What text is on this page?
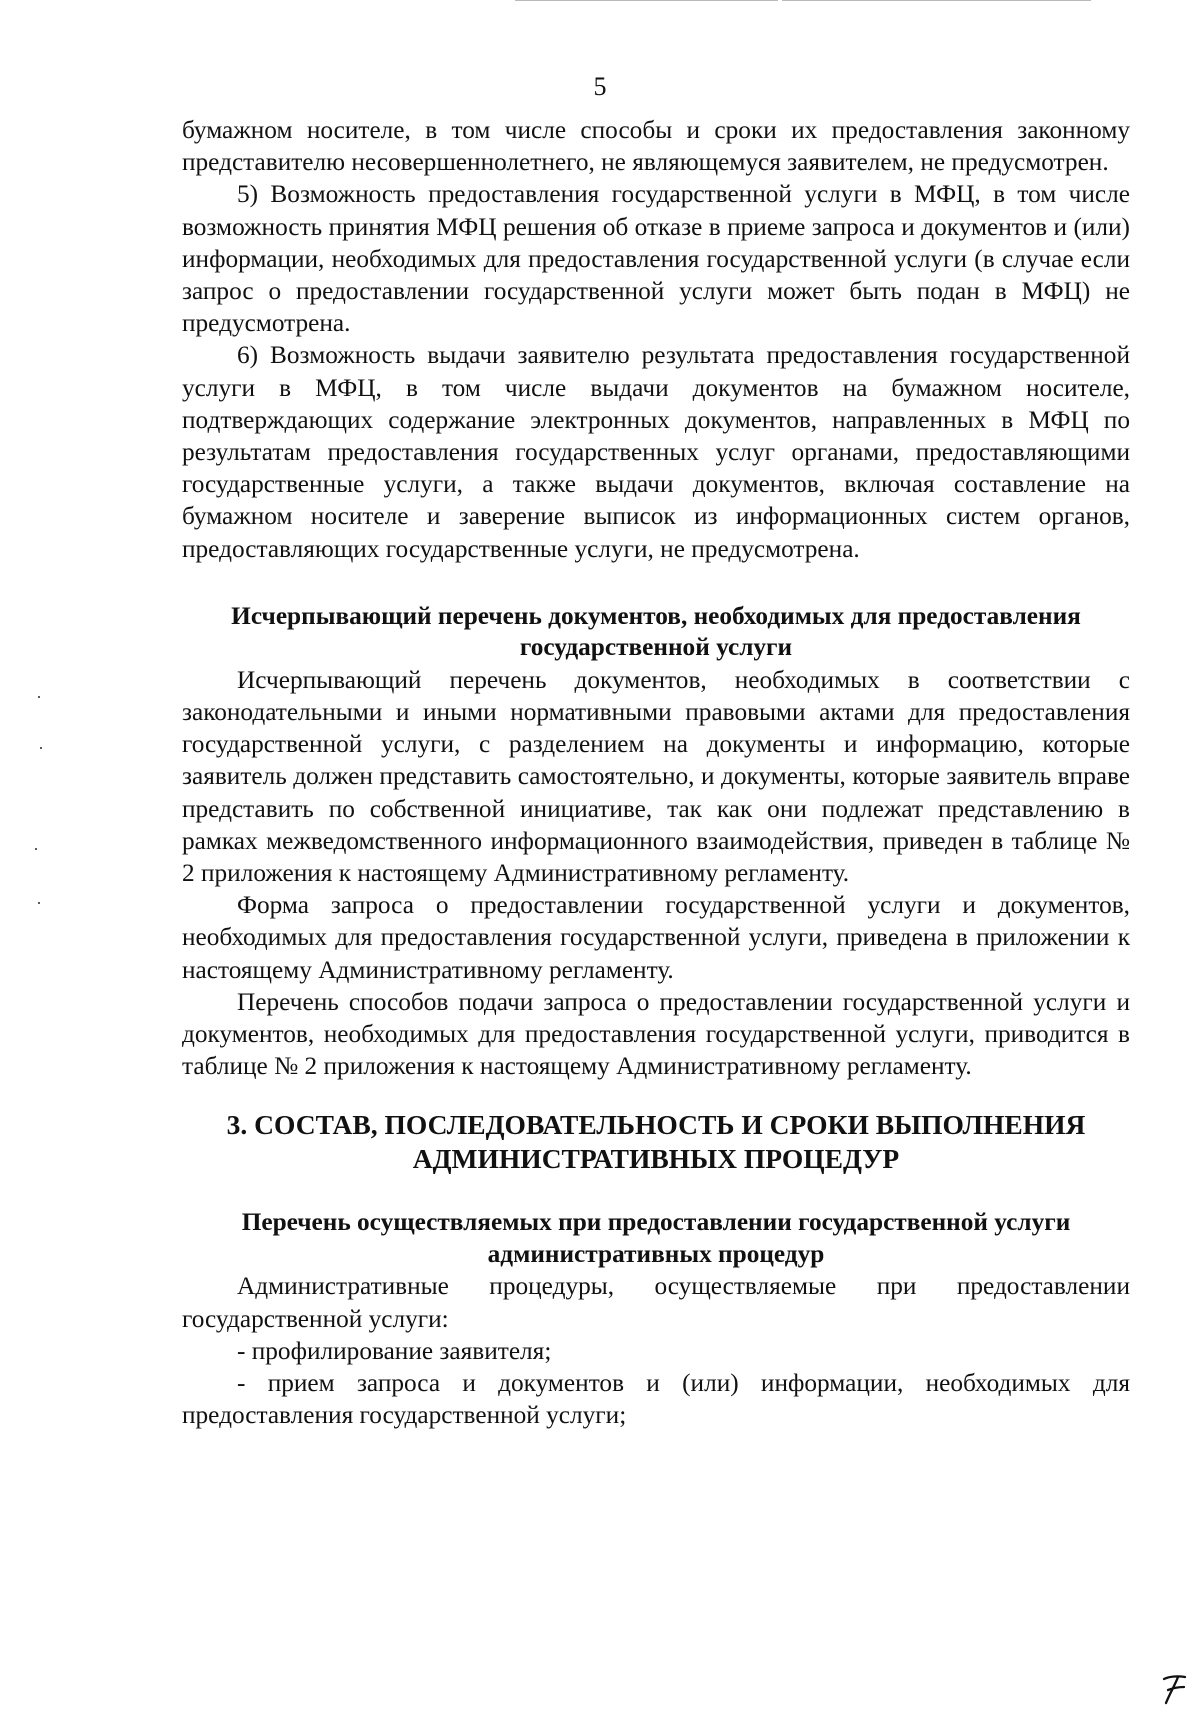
5

бумажном носителе, в том числе способы и сроки их предоставления законному представителю несовершеннолетнего, не являющемуся заявителем, не предусмотрен.

5) Возможность предоставления государственной услуги в МФЦ, в том числе возможность принятия МФЦ решения об отказе в приеме запроса и документов и (или) информации, необходимых для предоставления государственной услуги (в случае если запрос о предоставлении государственной услуги может быть подан в МФЦ) не предусмотрена.

6) Возможность выдачи заявителю результата предоставления государственной услуги в МФЦ, в том числе выдачи документов на бумажном носителе, подтверждающих содержание электронных документов, направленных в МФЦ по результатам предоставления государственных услуг органами, предоставляющими государственные услуги, а также выдачи документов, включая составление на бумажном носителе и заверение выписок из информационных систем органов, предоставляющих государственные услуги, не предусмотрена.

Исчерпывающий перечень документов, необходимых для предоставления государственной услуги

Исчерпывающий перечень документов, необходимых в соответствии с законодательными и иными нормативными правовыми актами для предоставления государственной услуги, с разделением на документы и информацию, которые заявитель должен представить самостоятельно, и документы, которые заявитель вправе представить по собственной инициативе, так как они подлежат представлению в рамках межведомственного информационного взаимодействия, приведен в таблице № 2 приложения к настоящему Административному регламенту.

Форма запроса о предоставлении государственной услуги и документов, необходимых для предоставления государственной услуги, приведена в приложении к настоящему Административному регламенту.

Перечень способов подачи запроса о предоставлении государственной услуги и документов, необходимых для предоставления государственной услуги, приводится в таблице № 2 приложения к настоящему Административному регламенту.

3. СОСТАВ, ПОСЛЕДОВАТЕЛЬНОСТЬ И СРОКИ ВЫПОЛНЕНИЯ АДМИНИСТРАТИВНЫХ ПРОЦЕДУР

Перечень осуществляемых при предоставлении государственной услуги административных процедур

Административные процедуры, осуществляемые при предоставлении государственной услуги:

- профилирование заявителя;

- прием запроса и документов и (или) информации, необходимых для предоставления государственной услуги;
